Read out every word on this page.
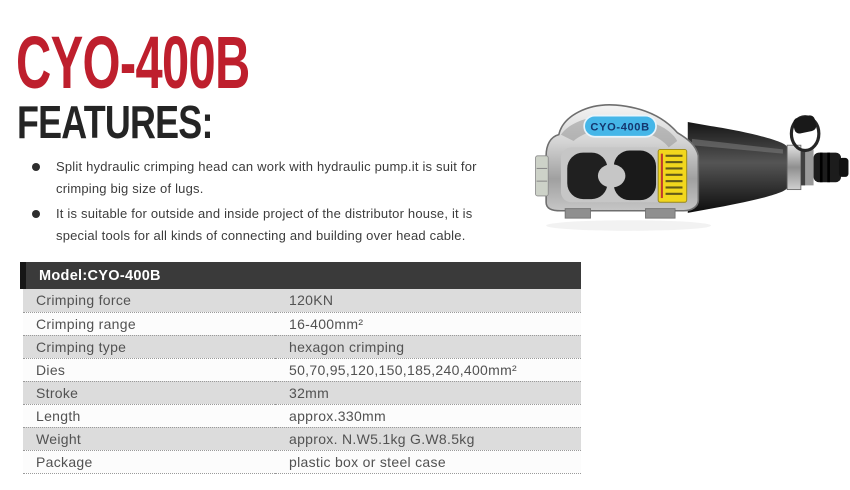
CYO-400B
FEATURES:
Split hydraulic crimping head can work with hydraulic pump.it is suit for crimping big size of lugs.
It is suitable for outside and inside project of the distributor house, it is special tools for all kinds of connecting and building over head cable.
CYO-400B
Model:CYO-400B	
Crimping force	120KN
Crimping range	16-400mm²
Crimping type	hexagon crimping
Dies	50,70,95,120,150,185,240,400mm²
Stroke	32mm
Length	approx.330mm
Weight	approx. N.W5.1kg G.W8.5kg
Package	plastic box or steel case
